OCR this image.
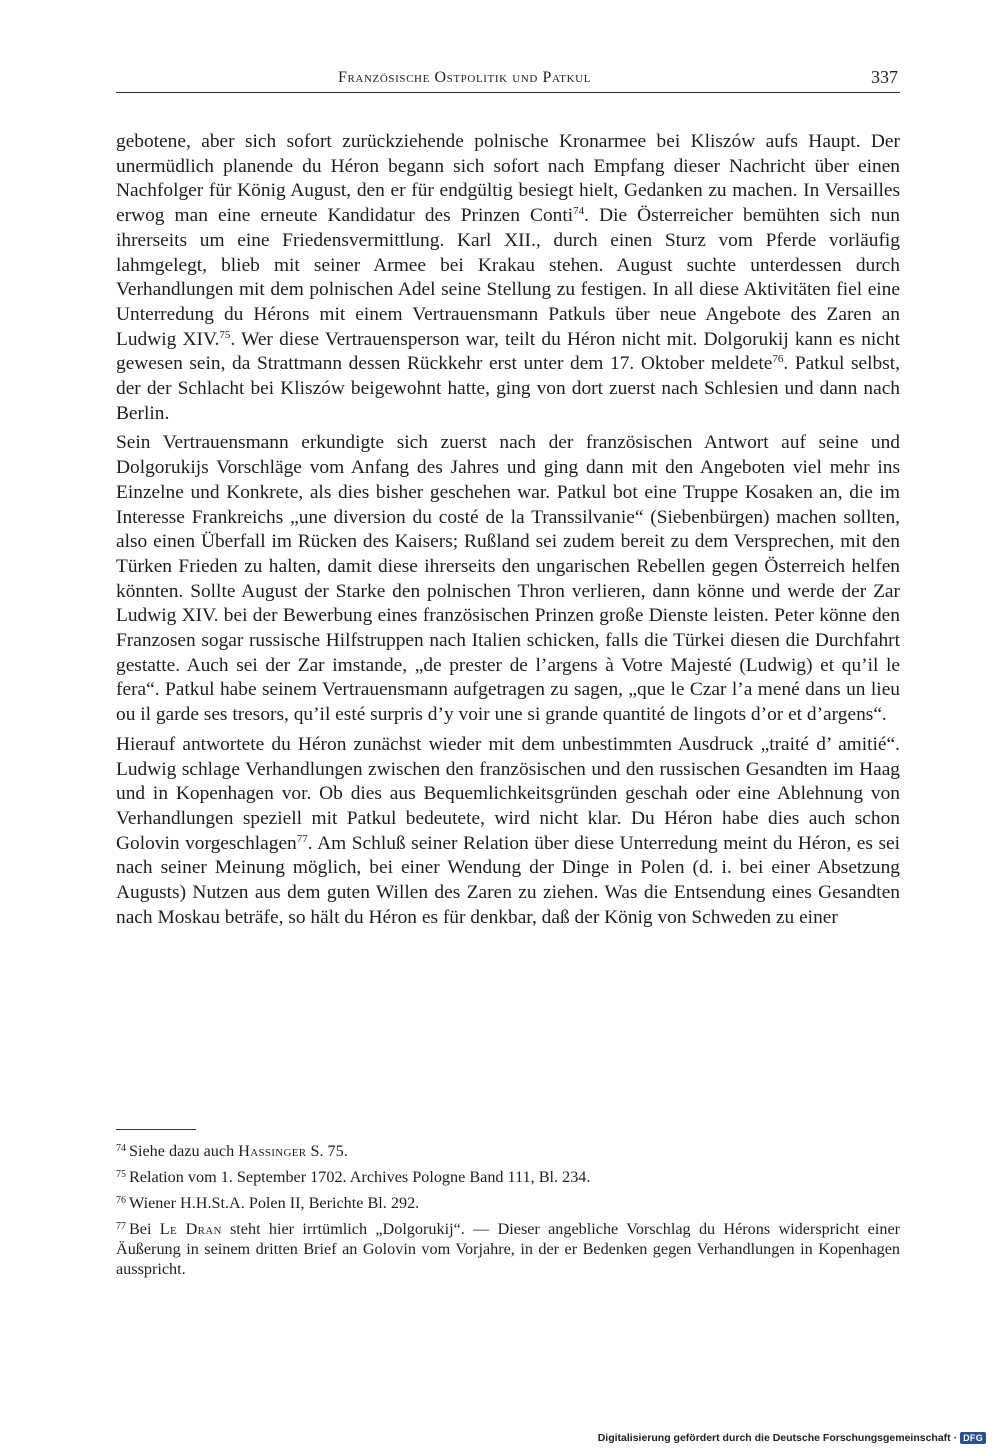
Französische Ostpolitik und Patkul	337

gebotene, aber sich sofort zurückziehende polnische Kronarmee bei Kliszów aufs Haupt. Der unermüdlich planende du Héron begann sich sofort nach Empfang dieser Nachricht über einen Nachfolger für König August, den er für endgültig besiegt hielt, Gedanken zu machen. In Versailles erwog man eine erneute Kandidatur des Prinzen Conti$^{74}$. Die Österreicher bemühten sich nun ihrerseits um eine Friedensvermittlung. Karl XII., durch einen Sturz vom Pferde vorläufig lahmgelegt, blieb mit seiner Armee bei Krakau stehen. August suchte unterdessen durch Verhandlungen mit dem polnischen Adel seine Stellung zu festigen. In all diese Aktivitäten fiel eine Unterredung du Hérons mit einem Vertrauensmann Patkuls über neue Angebote des Zaren an Ludwig XIV.$^{75}$. Wer diese Vertrauensperson war, teilt du Héron nicht mit. Dolgorukij kann es nicht gewesen sein, da Strattmann dessen Rückkehr erst unter dem 17. Oktober meldete$^{76}$. Patkul selbst, der der Schlacht bei Kliszów beigewohnt hatte, ging von dort zuerst nach Schlesien und dann nach Berlin.

Sein Vertrauensmann erkundigte sich zuerst nach der französischen Antwort auf seine und Dolgorukijs Vorschläge vom Anfang des Jahres und ging dann mit den Angeboten viel mehr ins Einzelne und Konkrete, als dies bisher geschehen war. Patkul bot eine Truppe Kosaken an, die im Interesse Frankreichs „une diversion du costé de la Transsilvanie“ (Siebenbürgen) machen sollten, also einen Überfall im Rücken des Kaisers; Rußland sei zudem bereit zu dem Versprechen, mit den Türken Frieden zu halten, damit diese ihrerseits den ungarischen Rebellen gegen Österreich helfen könnten. Sollte August der Starke den polnischen Thron verlieren, dann könne und werde der Zar Ludwig XIV. bei der Bewerbung eines französischen Prinzen große Dienste leisten. Peter könne den Franzosen sogar russische Hilfstruppen nach Italien schicken, falls die Türkei diesen die Durchfahrt gestatte. Auch sei der Zar imstande, „de prester de l’argens à Votre Majesté (Ludwig) et qu’il le fera“. Patkul habe seinem Vertrauensmann aufgetragen zu sagen, „que le Czar l’a mené dans un lieu ou il garde ses tresors, qu’il esté surpris d’y voir une si grande quantité de lingots d’or et d’argens“.

Hierauf antwortete du Héron zunächst wieder mit dem unbestimmten Ausdruck „traité d’ amitié“. Ludwig schlage Verhandlungen zwischen den französischen und den russischen Gesandten im Haag und in Kopenhagen vor. Ob dies aus Bequemlichkeitsgründen geschah oder eine Ablehnung von Verhandlungen speziell mit Patkul bedeutete, wird nicht klar. Du Héron habe dies auch schon Golovin vorgeschlagen$^{77}$. Am Schluß seiner Relation über diese Unterredung meint du Héron, es sei nach seiner Meinung möglich, bei einer Wendung der Dinge in Polen (d. i. bei einer Absetzung Augusts) Nutzen aus dem guten Willen des Zaren zu ziehen. Was die Entsendung eines Gesandten nach Moskau beträfe, so hält du Héron es für denkbar, daß der König von Schweden zu einer

$^{74}$ Siehe dazu auch Hassinger S. 75.

$^{75}$ Relation vom 1. September 1702. Archives Pologne Band 111, Bl. 234.

$^{76}$ Wiener H.H.St.A. Polen II, Berichte Bl. 292.

$^{77}$ Bei Le Dran steht hier irrtümlich „Dolgorukij“. — Dieser angebliche Vorschlag du Hérons widerspricht einer Äußerung in seinem dritten Brief an Golovin vom Vorjahre, in der er Bedenken gegen Verhandlungen in Kopenhagen ausspricht.

Digitalisierung gefördert durch die Deutsche Forschungsgemeinschaft · DFG
